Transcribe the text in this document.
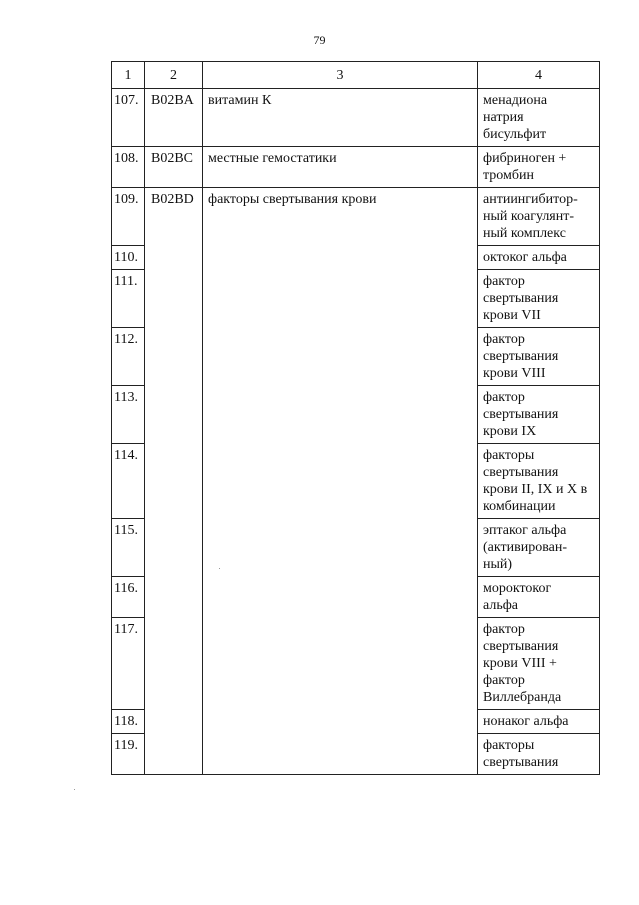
79
1	2	3	4
107.	B02BA	витамин К	менадиона
натрия
бисульфит

108.	B02BC	местные гемостатики	фибриноген +
тромбин

109.	B02BD	факторы свертывания крови	антиингибитор-
ный коагулянт-
ный комплекс

110.			октоког альфа

111.			фактор
свертывания
крови VII

112.			фактор
свертывания
крови VIII

113.			фактор
свертывания
крови IX

114.			факторы
свертывания
крови II, IX и X в
комбинации

115.			эптаког альфа
(активирован-
ный)

116.			мороктоког
альфа

117.			фактор
свертывания
крови VIII +
фактор
Виллебранда

118.			нонаког альфа

119.			факторы
свертывания
